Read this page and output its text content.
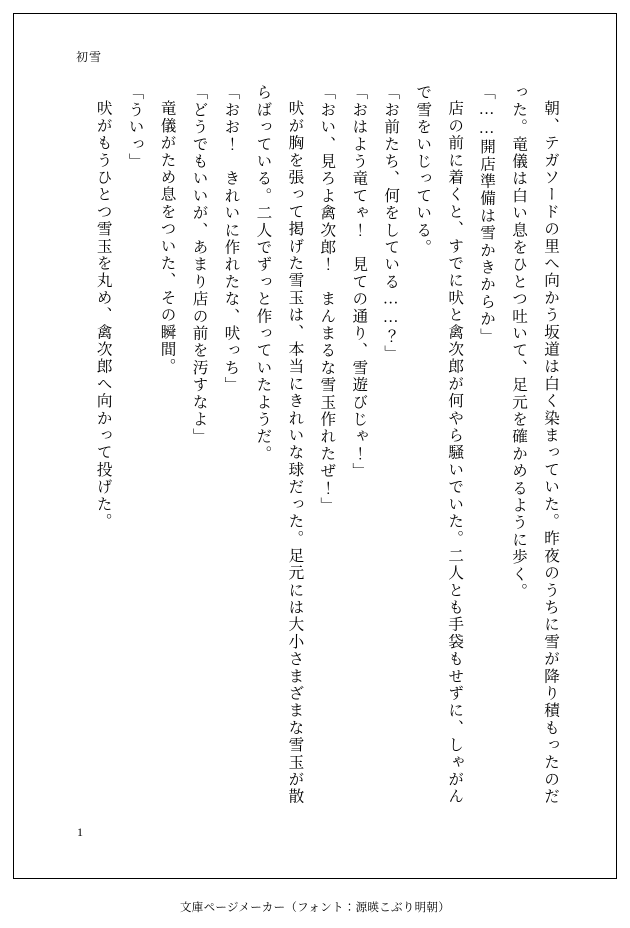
初雪

朝、テガソードの里へ向かう坂道は白く染まっていた。昨夜のうちに雪が降り積もったのだった。竜儀は白い息をひとつ吐いて、足元を確かめるように歩く。

「……開店準備は雪かきからか」

店の前に着くと、すでに吠と禽次郎が何やら騒いでいた。二人とも手袋もせずに、しゃがんで雪をいじっている。

「お前たち、何をしている……？」

「おはよう竜てゃ！　見ての通り、雪遊びじゃ！」

「おい、見ろよ禽次郎！　まんまるな雪玉作れたぜ！」

吠が胸を張って掲げた雪玉は、本当にきれいな球だった。足元には大小さまざまな雪玉が散らばっている。二人でずっと作っていたようだ。

「おお！　きれいに作れたな、吠っち」

「どうでもいいが、あまり店の前を汚すなよ」

竜儀がため息をついた、その瞬間。

「ういっ」

吠がもうひとつ雪玉を丸め、禽次郎へ向かって投げた。

1
文庫ページメーカー（フォント：源暎こぶり明朝）
